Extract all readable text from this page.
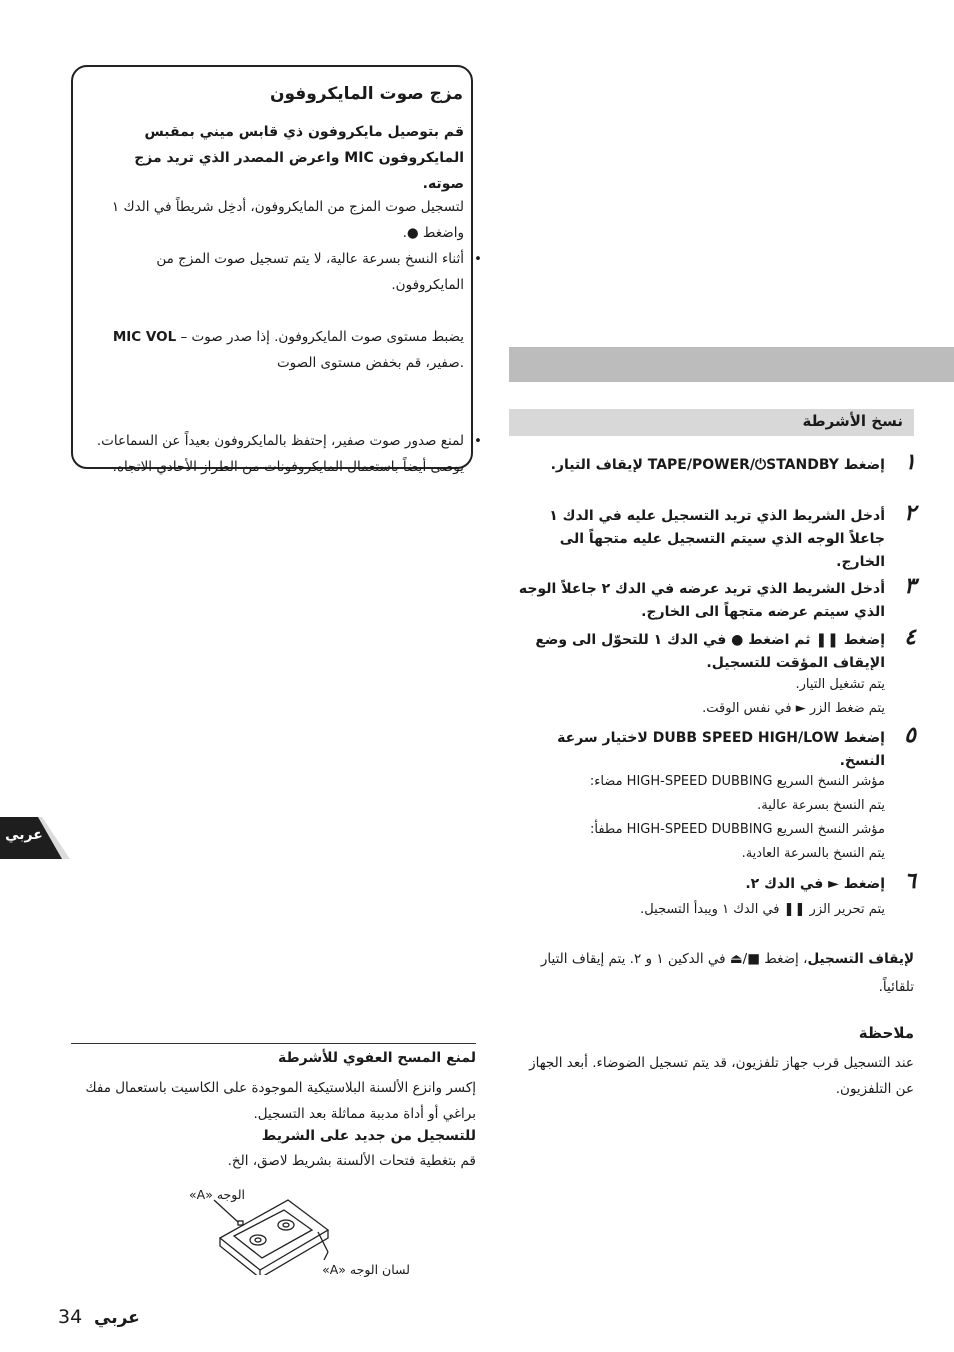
مزج صوت المايكروفون
قم بتوصيل مايكروفون ذي قابس ميني بمقبس المايكروفون MIC واعرض المصدر الذي تريد مزج صوته.
لتسجيل صوت المزج من المايكروفون، أدخِل شريطاً في الدك ١ واضغط ●.
• أثناء النسخ بسرعة عالية، لا يتم تسجيل صوت المزج من المايكروفون.
MIC VOL – يضبط مستوى صوت المايكروفون. إذا صدر صوت صفير، قم بخفض مستوى الصوت.
• لمنع صدور صوت صفير، إحتفظ بالمايكروفون بعيداً عن السماعات. يوصى أيضاً باستعمال المايكروفونات من الطراز الأحادي الاتجاه.
عربي
نسخ الأشرطة
١
إضغط TAPE/POWER/⏻STANDBY لإيقاف التيار.
٢
أدخل الشريط الذي تريد التسجيل عليه في الدك ١ جاعلاً الوجه الذي سيتم التسجيل عليه متجهاً الى الخارج.
٣
أدخل الشريط الذي تريد عرضه في الدك ٢ جاعلاً الوجه الذي سيتم عرضه متجهاً الى الخارج.
٤
إضغط ❚❚ ثم اضغط ● في الدك ١ للتحوّل الى وضع الإيقاف المؤقت للتسجيل.
يتم تشغيل التيار.
يتم ضغط الزر ► في نفس الوقت.
٥
إضغط DUBB SPEED HIGH/LOW لاختيار سرعة النسخ.
مؤشر النسخ السريع HIGH-SPEED DUBBING مضاء:
يتم النسخ بسرعة عالية.
مؤشر النسخ السريع HIGH-SPEED DUBBING مطفأ:
يتم النسخ بالسرعة العادية.
٦
إضغط ► في الدك ٢.
يتم تحرير الزر ❚❚ في الدك ١ ويبدأ التسجيل.
لإيقاف التسجيل، إضغط ■/⏏ في الدكين ١ و ٢. يتم إيقاف التيار تلقائياً.
ملاحظة
عند التسجيل قرب جهاز تلفزيون، قد يتم تسجيل الضوضاء. أبعد الجهاز عن التلفزيون.
لمنع المسح العفوي للأشرطة
إكسر وانزع الألسنة البلاستيكية الموجودة على الكاسيت باستعمال مفك براغي أو أداة مدببة مماثلة بعد التسجيل.
للتسجيل من جديد على الشريط
قم بتغطية فتحات الألسنة بشريط لاصق، الخ.
الوجه «A»
لسان الوجه «A»
34 عربي
